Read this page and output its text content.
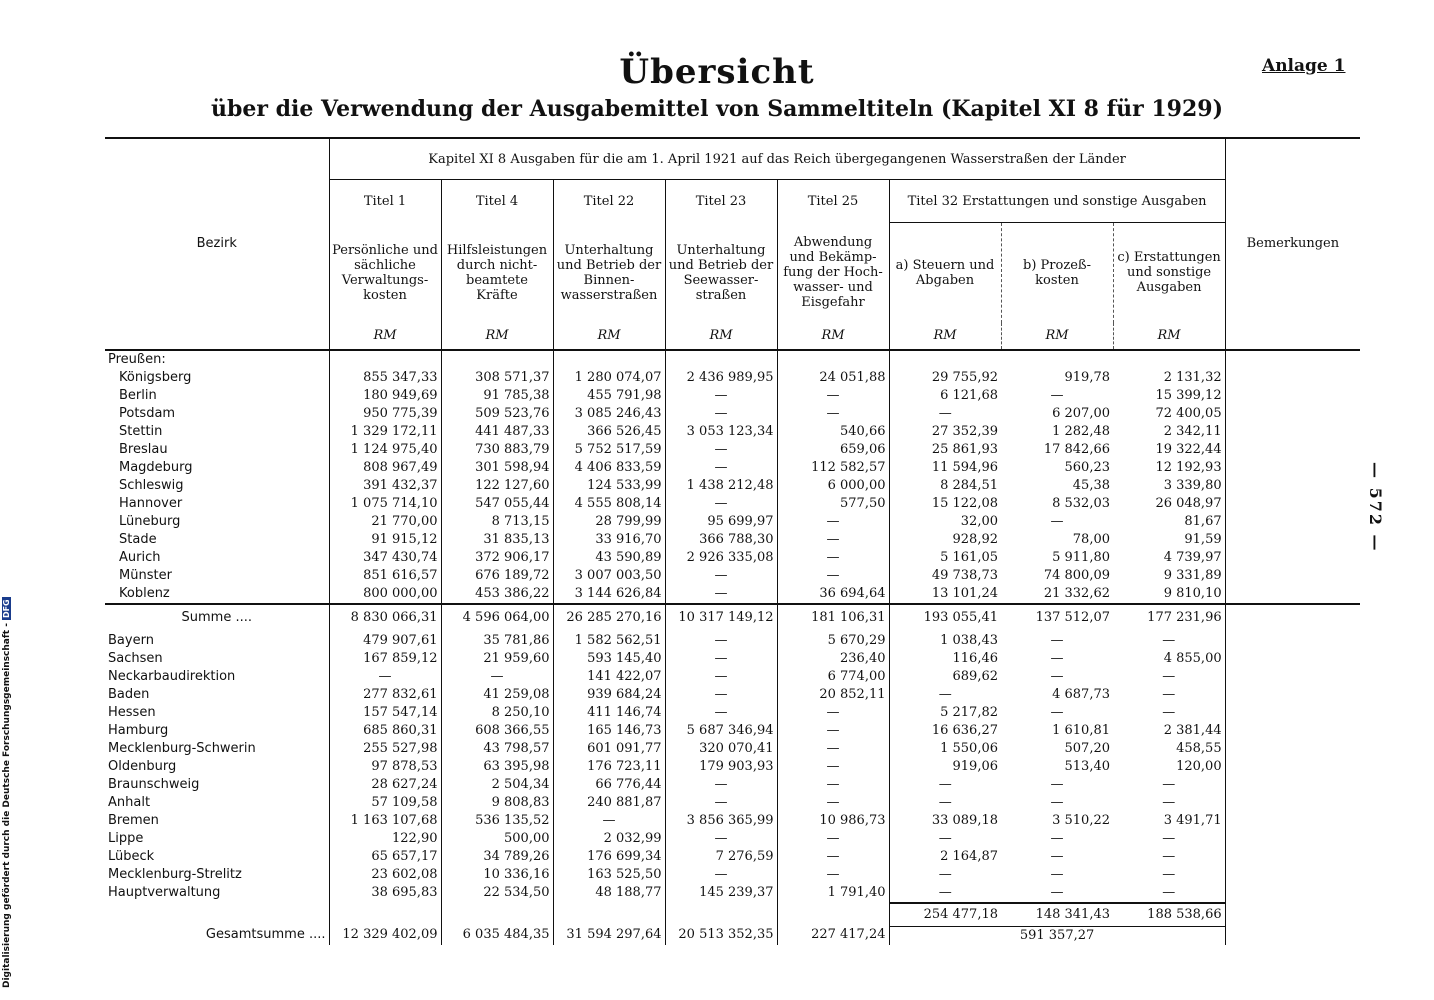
Übersicht
über die Verwendung der Ausgabemittel von Sammeltiteln (Kapitel XI 8 für 1929)
Anlage 1
— 572 —
Digitalisierung gefördert durch die Deutsche Forschungsgemeinschaft -DFG
Bezirk	Kapitel XI 8 Ausgaben für die am 1. April 1921 auf das Reich übergegangenen Wasserstraßen der Länder								Bemerkungen
	Titel 1	Titel 4	Titel 22	Titel 23	Titel 25	Titel 32 Erstattungen und sonstige Ausgaben			
	Persönliche und sächliche Verwaltungs-kosten	Hilfsleistungen durch nicht-beamtete Kräfte	Unterhaltung und Betrieb der Binnen-wasserstraßen	Unterhaltung und Betrieb der Seewasser-straßen	Abwendung und Bekämp-fung der Hoch-wasser- und Eisgefahr	a) Steuern und Abgaben	b) Prozeß-kosten	c) Erstattungen und sonstige Ausgaben	
	RM	RM	RM	RM	RM	RM	RM	RM	
Preußen:									
Königsberg	855 347,33	308 571,37	1 280 074,07	2 436 989,95	24 051,88	29 755,92	919,78	2 131,32	
Berlin	180 949,69	91 785,38	455 791,98	—	—	6 121,68	—	15 399,12	
Potsdam	950 775,39	509 523,76	3 085 246,43	—	—	—	6 207,00	72 400,05	
Stettin	1 329 172,11	441 487,33	366 526,45	3 053 123,34	540,66	27 352,39	1 282,48	2 342,11	
Breslau	1 124 975,40	730 883,79	5 752 517,59	—	659,06	25 861,93	17 842,66	19 322,44	
Magdeburg	808 967,49	301 598,94	4 406 833,59	—	112 582,57	11 594,96	560,23	12 192,93	
Schleswig	391 432,37	122 127,60	124 533,99	1 438 212,48	6 000,00	8 284,51	45,38	3 339,80	
Hannover	1 075 714,10	547 055,44	4 555 808,14	—	577,50	15 122,08	8 532,03	26 048,97	
Lüneburg	21 770,00	8 713,15	28 799,99	95 699,97	—	32,00	—	81,67	
Stade	91 915,12	31 835,13	33 916,70	366 788,30	—	928,92	78,00	91,59	
Aurich	347 430,74	372 906,17	43 590,89	2 926 335,08	—	5 161,05	5 911,80	4 739,97	
Münster	851 616,57	676 189,72	3 007 003,50	—	—	49 738,73	74 800,09	9 331,89	
Koblenz	800 000,00	453 386,22	3 144 626,84	—	36 694,64	13 101,24	21 332,62	9 810,10	
Summe ....	8 830 066,31	4 596 064,00	26 285 270,16	10 317 149,12	181 106,31	193 055,41	137 512,07	177 231,96	
Bayern	479 907,61	35 781,86	1 582 562,51	—	5 670,29	1 038,43	—	—	
Sachsen	167 859,12	21 959,60	593 145,40	—	236,40	116,46	—	4 855,00	
Neckarbaudirektion	—	—	141 422,07	—	6 774,00	689,62	—	—	
Baden	277 832,61	41 259,08	939 684,24	—	20 852,11	—	4 687,73	—	
Hessen	157 547,14	8 250,10	411 146,74	—	—	5 217,82	—	—	
Hamburg	685 860,31	608 366,55	165 146,73	5 687 346,94	—	16 636,27	1 610,81	2 381,44	
Mecklenburg-Schwerin	255 527,98	43 798,57	601 091,77	320 070,41	—	1 550,06	507,20	458,55	
Oldenburg	97 878,53	63 395,98	176 723,11	179 903,93	—	919,06	513,40	120,00	
Braunschweig	28 627,24	2 504,34	66 776,44	—	—	—	—	—	
Anhalt	57 109,58	9 808,83	240 881,87	—	—	—	—	—	
Bremen	1 163 107,68	536 135,52	—	3 856 365,99	10 986,73	33 089,18	3 510,22	3 491,71	
Lippe	122,90	500,00	2 032,99	—	—	—	—	—	
Lübeck	65 657,17	34 789,26	176 699,34	7 276,59	—	2 164,87	—	—	
Mecklenburg-Strelitz	23 602,08	10 336,16	163 525,50	—	—	—	—	—	
Hauptverwaltung	38 695,83	22 534,50	48 188,77	145 239,37	1 791,40	—	—	—	
						254 477,18	148 341,43	188 538,66	
Gesamtsumme ....	12 329 402,09	6 035 484,35	31 594 297,64	20 513 352,35	227 417,24	591 357,27			
